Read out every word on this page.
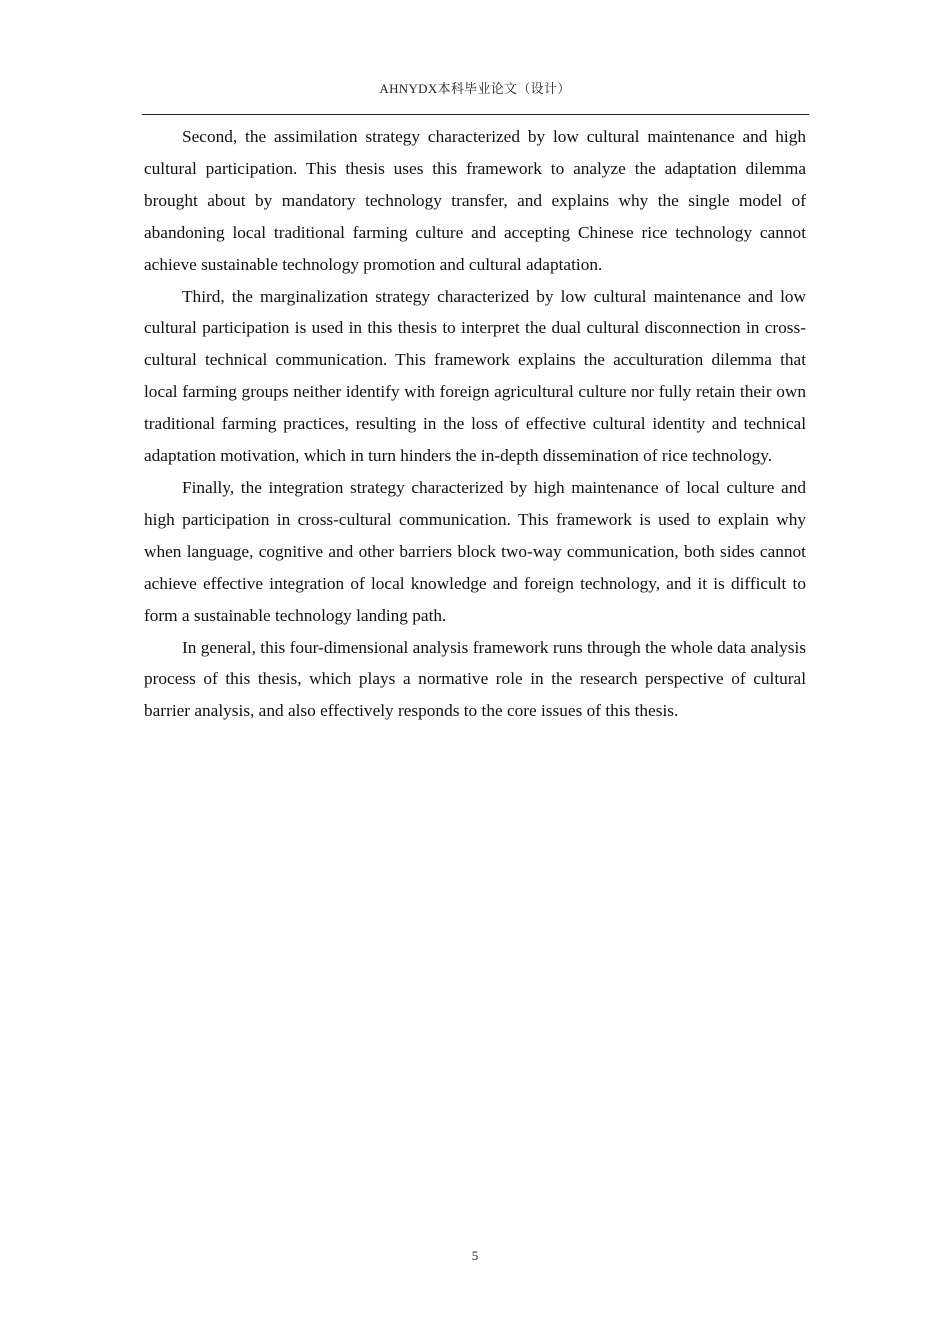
AHNYDX本科毕业论文（设计）

Second, the assimilation strategy characterized by low cultural maintenance and high cultural participation. This thesis uses this framework to analyze the adaptation dilemma brought about by mandatory technology transfer, and explains why the single model of abandoning local traditional farming culture and accepting Chinese rice technology cannot achieve sustainable technology promotion and cultural adaptation.

Third, the marginalization strategy characterized by low cultural maintenance and low cultural participation is used in this thesis to interpret the dual cultural disconnection in cross-cultural technical communication. This framework explains the acculturation dilemma that local farming groups neither identify with foreign agricultural culture nor fully retain their own traditional farming practices, resulting in the loss of effective cultural identity and technical adaptation motivation, which in turn hinders the in-depth dissemination of rice technology.

Finally, the integration strategy characterized by high maintenance of local culture and high participation in cross-cultural communication. This framework is used to explain why when language, cognitive and other barriers block two-way communication, both sides cannot achieve effective integration of local knowledge and foreign technology, and it is difficult to form a sustainable technology landing path.

In general, this four-dimensional analysis framework runs through the whole data analysis process of this thesis, which plays a normative role in the research perspective of cultural barrier analysis, and also effectively responds to the core issues of this thesis.

5
